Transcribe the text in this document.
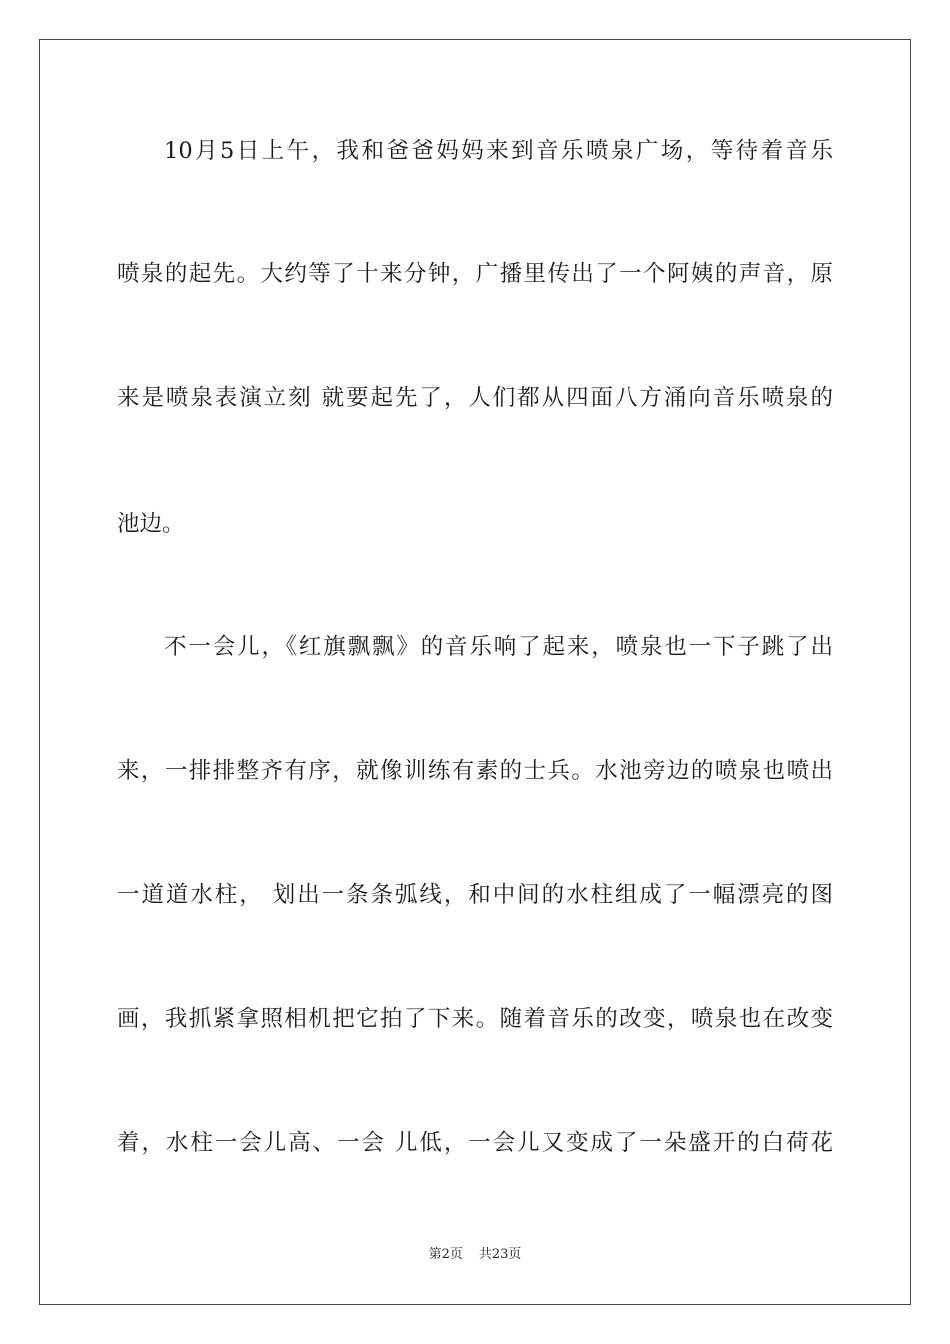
10月5日上午，我和爸爸妈妈来到音乐喷泉广场，等待着音乐
喷泉的起先。大约等了十来分钟，广播里传出了一个阿姨的声音，原
来是喷泉表演立刻 就要起先了，人们都从四面八方涌向音乐喷泉的
池边。
不一会儿，《红旗飘飘》的音乐响了起来，喷泉也一下子跳了出
来，一排排整齐有序，就像训练有素的士兵。水池旁边的喷泉也喷出
一道道水柱， 划出一条条弧线，和中间的水柱组成了一幅漂亮的图
画，我抓紧拿照相机把它拍了下来。随着音乐的改变，喷泉也在改变
着，水柱一会儿高、一会 儿低，一会儿又变成了一朵盛开的白荷花
第2页 共23页
